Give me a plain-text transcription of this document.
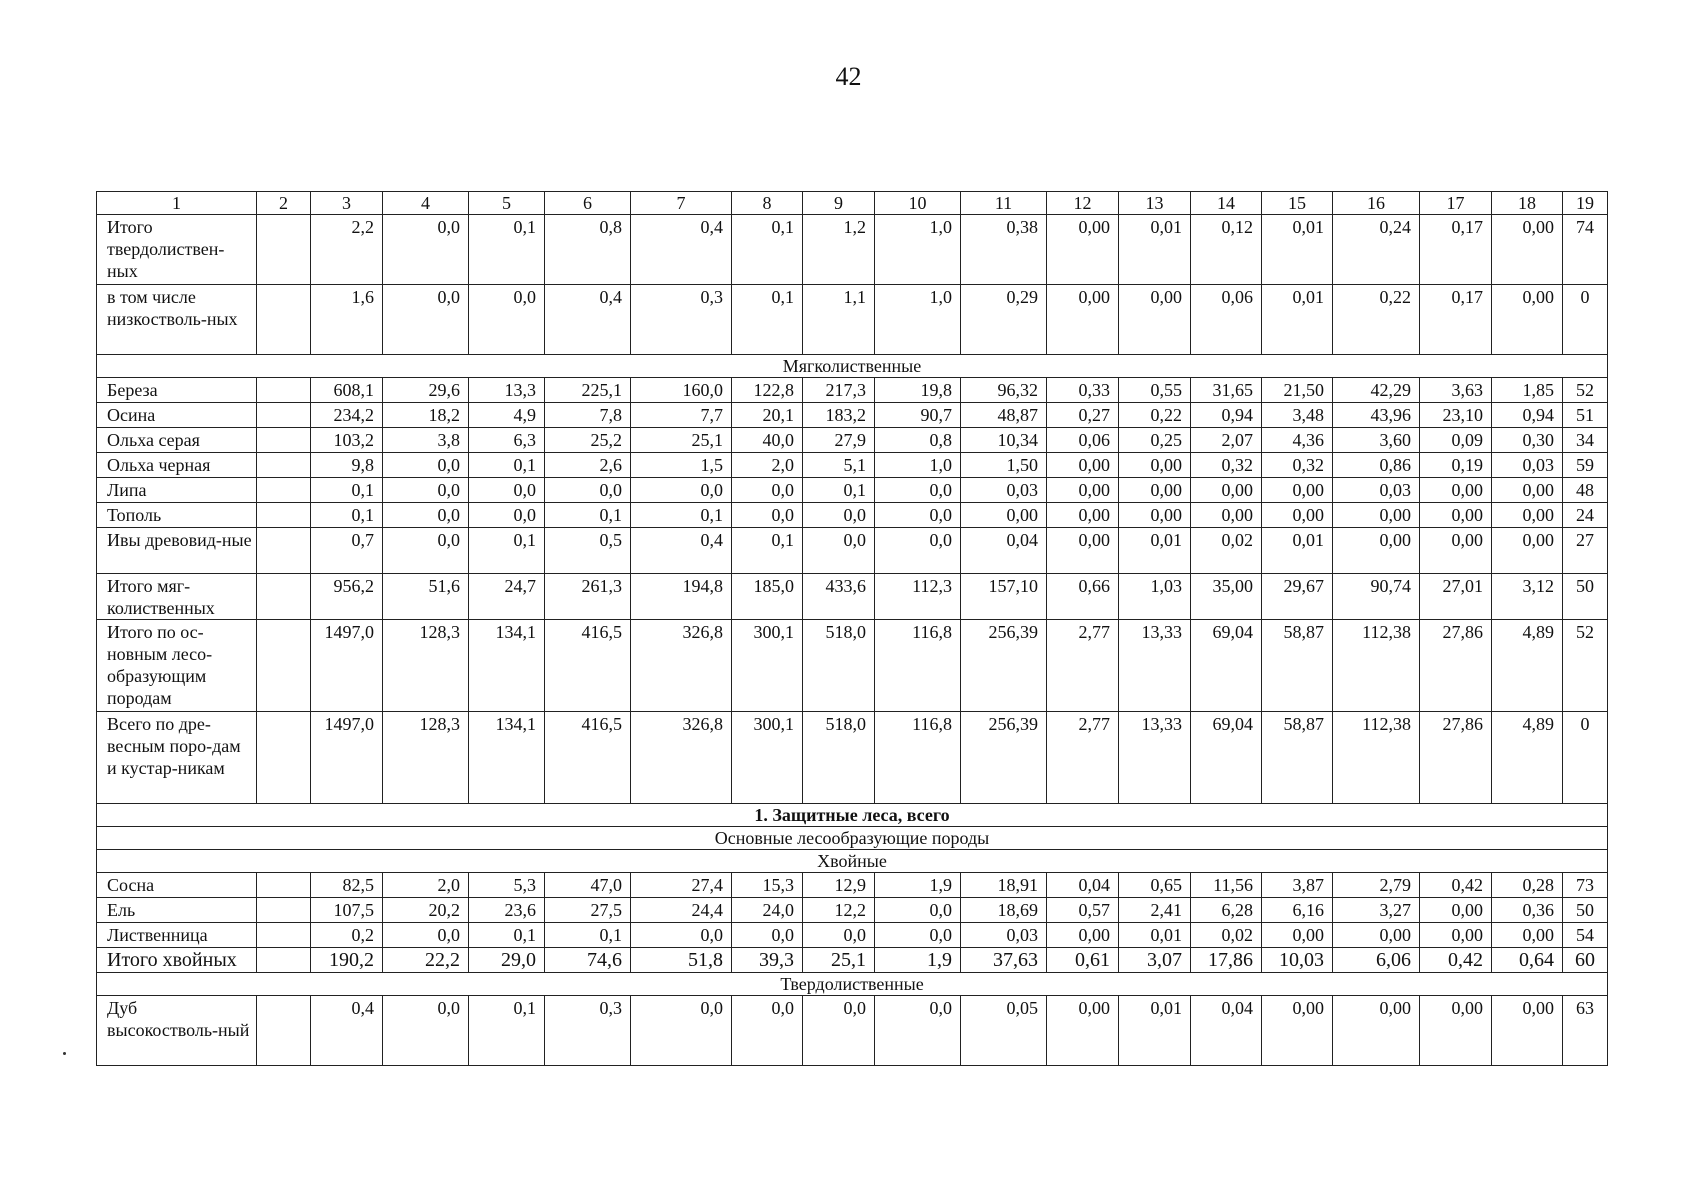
42
1	2	3	4	5	6	7	8	9	10	11	12	13	14	15	16	17	18	19
Итого твердолиствен-ных		2,2	0,0	0,1	0,8	0,4	0,1	1,2	1,0	0,38	0,00	0,01	0,12	0,01	0,24	0,17	0,00	74
в том числе низкостволь-ных		1,6	0,0	0,0	0,4	0,3	0,1	1,1	1,0	0,29	0,00	0,00	0,06	0,01	0,22	0,17	0,00	0
Мягколиственные																		
Береза		608,1	29,6	13,3	225,1	160,0	122,8	217,3	19,8	96,32	0,33	0,55	31,65	21,50	42,29	3,63	1,85	52
Осина		234,2	18,2	4,9	7,8	7,7	20,1	183,2	90,7	48,87	0,27	0,22	0,94	3,48	43,96	23,10	0,94	51
Ольха серая		103,2	3,8	6,3	25,2	25,1	40,0	27,9	0,8	10,34	0,06	0,25	2,07	4,36	3,60	0,09	0,30	34
Ольха черная		9,8	0,0	0,1	2,6	1,5	2,0	5,1	1,0	1,50	0,00	0,00	0,32	0,32	0,86	0,19	0,03	59
Липа		0,1	0,0	0,0	0,0	0,0	0,0	0,1	0,0	0,03	0,00	0,00	0,00	0,00	0,03	0,00	0,00	48
Тополь		0,1	0,0	0,0	0,1	0,1	0,0	0,0	0,0	0,00	0,00	0,00	0,00	0,00	0,00	0,00	0,00	24
Ивы древовид-ные		0,7	0,0	0,1	0,5	0,4	0,1	0,0	0,0	0,04	0,00	0,01	0,02	0,01	0,00	0,00	0,00	27
Итого мяг-колиственных		956,2	51,6	24,7	261,3	194,8	185,0	433,6	112,3	157,10	0,66	1,03	35,00	29,67	90,74	27,01	3,12	50
Итого по ос-новным лесо-образующим породам		1497,0	128,3	134,1	416,5	326,8	300,1	518,0	116,8	256,39	2,77	13,33	69,04	58,87	112,38	27,86	4,89	52
Всего по дре-весным поро-дам и кустар-никам		1497,0	128,3	134,1	416,5	326,8	300,1	518,0	116,8	256,39	2,77	13,33	69,04	58,87	112,38	27,86	4,89	0
1. Защитные леса, всего																		
Основные лесообразующие породы																		
Хвойные																		
Сосна		82,5	2,0	5,3	47,0	27,4	15,3	12,9	1,9	18,91	0,04	0,65	11,56	3,87	2,79	0,42	0,28	73
Ель		107,5	20,2	23,6	27,5	24,4	24,0	12,2	0,0	18,69	0,57	2,41	6,28	6,16	3,27	0,00	0,36	50
Лиственница		0,2	0,0	0,1	0,1	0,0	0,0	0,0	0,0	0,03	0,00	0,01	0,02	0,00	0,00	0,00	0,00	54
Итого хвойных		190,2	22,2	29,0	74,6	51,8	39,3	25,1	1,9	37,63	0,61	3,07	17,86	10,03	6,06	0,42	0,64	60
Твердолиственные																		
Дуб высокостволь-ный		0,4	0,0	0,1	0,3	0,0	0,0	0,0	0,0	0,05	0,00	0,01	0,04	0,00	0,00	0,00	0,00	63
